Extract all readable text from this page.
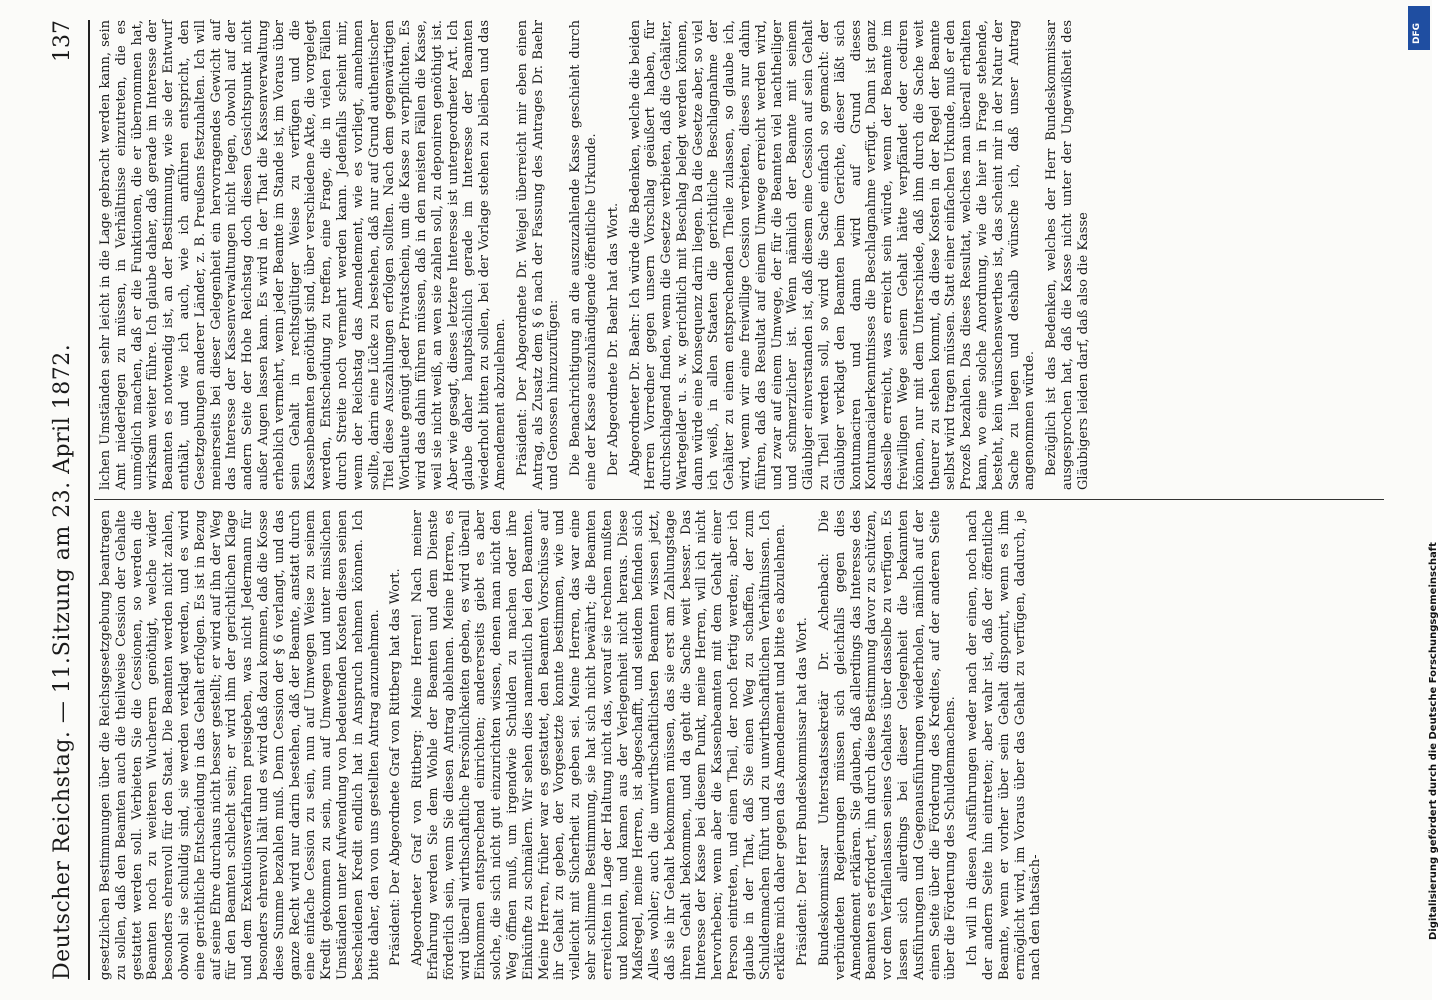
Deutscher Reichstag. — 11.
Sitzung am 23. April 1872.
137

gesetzlichen Bestimmungen über die Reichsgesetzgebung beantragen zu sollen, daß den Beamten auch die theilweise Cession der Gehalte gestattet werden soll. Verbieten Sie die Cessionen, so werden die Beamten noch zu weiteren Wucherern genöthigt, welche wider besonders ehrenvoll für den Staat. Die Beamten werden nicht zahlen, obwohl sie schuldig sind, sie werden verklagt werden, und es wird eine gerichtliche Entscheidung in das Gehalt erfolgen. Es ist in Bezug auf seine Ehre durchaus nicht besser gestellt; er wird auf ihn der Weg für den Beamten schlecht sein; er wird ihm der gerichtlichen Klage und dem Exekutionsverfahren preisgeben, was nicht Jedermann für besonders ehrenvoll hält und es wird daß dazu kommen, daß die Kosse diese Summe bezahlen muß. Denn Cession der § 6 verlangt, und das ganze Recht wird nur darin bestehen, daß der Beamte, anstatt durch eine einfache Cession zu sein, nun auf Umwegen Weise zu seinem Kredit gekommen zu sein, nun auf Umwegen und unter misslichen Umständen unter Aufwendung von bedeutenden Kosten diesen seinen bescheidenen Kredit endlich hat in Anspruch nehmen können. Ich bitte daher, den von uns gestellten Antrag anzunehmen. Präsident: Der Abgeordnete Graf von Rittberg hat das Wort. Abgeordneter Graf von Rittberg: Meine Herren! Nach meiner Erfahrung werden Sie dem Wohle der Beamten und dem Dienste förderlich sein, wenn Sie diesen Antrag ablehnen. Meine Herren, es wird überall wirthschaftliche Persönlichkeiten geben, es wird überall Einkommen entsprechend einrichten; andererseits giebt es aber solche, die sich nicht gut einzurichten wissen, denen man nicht den Weg öffnen muß, um irgendwie Schulden zu machen oder ihre Einkünfte zu schmälern. Wir sehen dies namentlich bei den Beamten. Meine Herren, früher war es gestattet, den Beamten Vorschüsse auf ihr Gehalt zu geben, der Vorgesetzte konnte bestimmen, wie und vielleicht mit Sicherheit zu geben sei. Meine Herren, das war eine sehr schlimme Bestimmung, sie hat sich nicht bewährt; die Beamten erreichten in Lage der Haltung nicht das, worauf sie rechnen mußten und konnten, und kamen aus der Verlegenheit nicht heraus. Diese Maßregel, meine Herren, ist abgeschafft, und seitdem befinden sich Alles wohler; auch die unwirthschaftlichsten Beamten wissen jetzt, daß sie ihr Gehalt bekommen müssen, das sie erst am Zahlungstage ihren Gehalt bekommen, und da geht die Sache weit besser. Das Interesse der Kasse bei diesem Punkt, meine Herren, will ich nicht hervorheben; wenn aber die Kassenbeamten mit dem Gehalt einer Person eintreten, und einen Theil, der noch fertig werden; aber ich glaube in der That, daß Sie einen Weg zu schaffen, der zum Schuldenmachen führt und zu unwirthschaftlichen Verhältnissen. Ich erkläre mich daher gegen das Amendement und bitte es abzulehnen. Präsident: Der Herr Bundeskommissar hat das Wort. Bundeskommissar Unterstaatssekretär Dr. Achenbach: Die verbündeten Regierungen müssen sich gleichfalls gegen dies Amendement erklären. Sie glauben, daß allerdings das Interesse des Beamten es erfordert, ihn durch diese Bestimmung davor zu schützen, vor dem Verfallenlassen seines Gehaltes über dasselbe zu verfügen. Es lassen sich allerdings bei dieser Gelegenheit die bekannten Ausführungen und Gegenausführungen wiederholen, nämlich auf der einen Seite über die Förderung des Kredites, auf der anderen Seite über die Förderung des Schuldenmachens. Ich will in diesen Ausführungen weder nach der einen, noch nach der andern Seite hin eintreten; aber wahr ist, daß der öffentliche Beamte, wenn er vorher über sein Gehalt disponirt, wenn es ihm ermöglicht wird, im Voraus über das Gehalt zu verfügen, dadurch, je nach den thatsäch-

lichen Umständen sehr leicht in die Lage gebracht werden kann, sein Amt niederlegen zu müssen, in Verhältnisse einzutreten, die es unmöglich machen, daß er die Funktionen, die er übernommen hat, wirksam weiter führe. Ich glaube daher, daß gerade im Interesse der Beamten es notwendig ist, an der Bestimmung, wie sie der Entwurf enthält, und wie ich auch, wie ich anführen entspricht, den Gesetzgebungen anderer Länder, z. B. Preußens festzuhalten. Ich will meinerseits bei dieser Gelegenheit ein hervorragendes Gewicht auf das Interesse der Kassenverwaltungen nicht legen, obwohl auf der andern Seite der Hohe Reichstag doch diesen Gesichtspunkt nicht außer Augen lassen kann. Es wird in der That die Kassenverwaltung erheblich vermehrt, wenn jeder Beamte im Stande ist, im Voraus über sein Gehalt in rechtsgültiger Weise zu verfügen und die Kassenbeamten genöthigt sind, über verschiedene Akte, die vorgelegt werden, Entscheidung zu treffen, eine Frage, die in vielen Fällen durch Streite noch vermehrt werden kann. Jedenfalls scheint mir, wenn der Reichstag das Amendement, wie es vorliegt, annehmen sollte, darin eine Lücke zu bestehen, daß nur auf Grund authentischer Titel diese Auszahlungen erfolgen sollten. Nach dem gegenwärtigen Wortlaute genügt jeder Privatschein, um die Kasse zu verpflichten. Es wird das dahin führen müssen, daß in den meisten Fällen die Kasse, weil sie nicht weiß, an wen sie zahlen soll, zu deponiren genöthigt ist. Aber wie gesagt, dieses letztere Interesse ist untergeordneter Art. Ich glaube daher hauptsächlich gerade im Interesse der Beamten wiederholt bitten zu sollen, bei der Vorlage stehen zu bleiben und das Amendement abzulehnen. Präsident: Der Abgeordnete Dr. Weigel überreicht mir eben einen Antrag, als Zusatz dem § 6 nach der Fassung des Antrages Dr. Baehr und Genossen hinzuzufügen: Die Benachrichtigung an die auszuzahlende Kasse geschieht durch eine der Kasse auszuhändigende öffentliche Urkunde. Der Abgeordnete Dr. Baehr hat das Wort. Abgeordneter Dr. Baehr: Ich würde die Bedenken, welche die beiden Herren Vorredner gegen unsern Vorschlag geäußert haben, für durchschlagend finden, wenn die Gesetze verbieten, daß die Gehälter, Wartegelder u. s. w. gerichtlich mit Beschlag belegt werden können, dann würde eine Konsequenz darin liegen. Da die Gesetze aber, so viel ich weiß, in allen Staaten die gerichtliche Beschlagnahme der Gehälter zu einem entsprechenden Theile zulassen, so glaube ich, wird, wenn wir eine freiwillige Cession verbieten, dieses nur dahin führen, daß das Resultat auf einem Umwege erreicht werden wird, und zwar auf einem Umwege, der für die Beamten viel nachtheiliger und schmerzlicher ist. Wenn nämlich der Beamte mit seinem Gläubiger einverstanden ist, daß diesem eine Cession auf sein Gehalt zu Theil werden soll, so wird die Sache einfach so gemacht: der Gläubiger verklagt den Beamten beim Gerichte, dieser läßt sich kontumaciren und dann wird auf Grund dieses Kontumacialerkenntnisses die Beschlagnahme verfügt. Dann ist ganz dasselbe erreicht, was erreicht sein würde, wenn der Beamte im freiwilligen Wege seinem Gehalt hätte verpfändet oder cediren können, nur mit dem Unterschiede, daß ihm durch die Sache weit theurer zu stehen kommt, da diese Kosten in der Regel der Beamte selbst wird tragen müssen. Statt einer einfachen Urkunde, muß er den Prozeß bezahlen. Das dieses Resultat, welches man überall erhalten kann, wo eine solche Anordnung, wie die hier in Frage stehende, besteht, kein wünschenswerthes ist, das scheint mir in der Natur der Sache zu liegen und deshalb wünsche ich, daß unser Antrag angenommen würde. Bezüglich ist das Bedenken, welches der Herr Bundeskommissar ausgesprochen hat, daß die Kasse nicht unter der Ungewißheit des Gläubigers leiden darf, daß also die Kasse

DFG
Digitalisierung gefördert durch die Deutsche Forschungsgemeinschaft
